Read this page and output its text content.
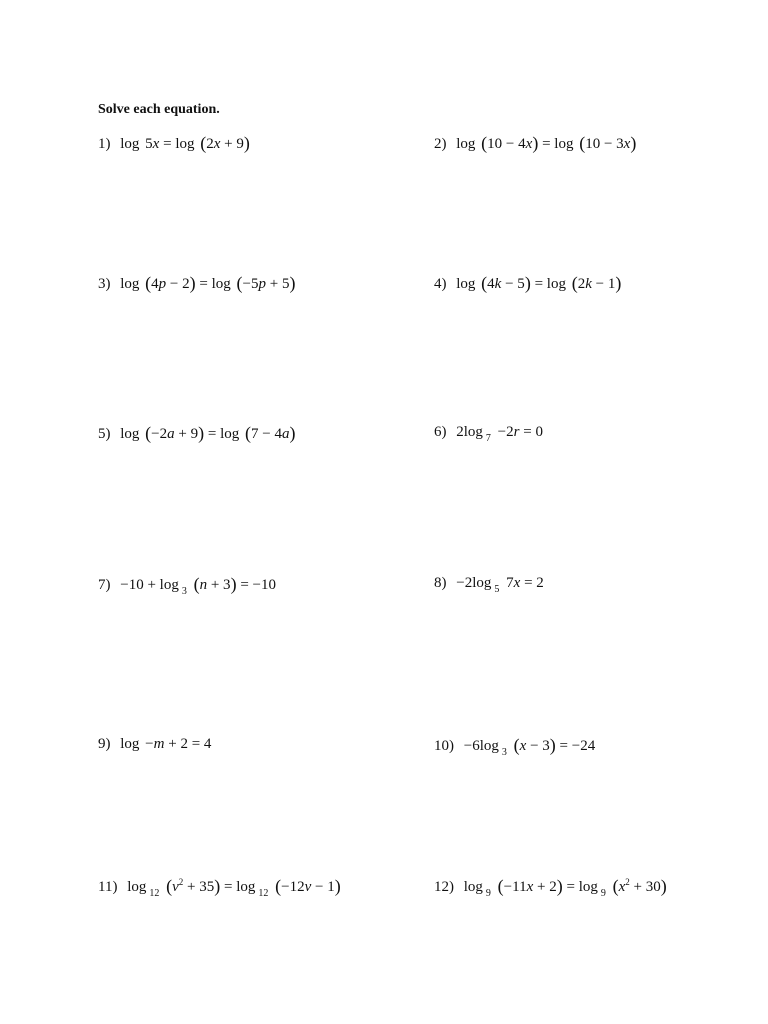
Solve each equation.

1) log 5x = log (2x + 9)	2) log (10 − 4x) = log (10 − 3x)
3) log (4p − 2) = log (−5p + 5)	4) log (4k − 5) = log (2k − 1)
5) log (−2a + 9) = log (7 − 4a)	6) 2log $_7$ −2r = 0
7) −10 + log $_3$ (n + 3) = −10	8) −2log $_5$ 7x = 2
9) log −m + 2 = 4	10) −6log $_3$ (x − 3) = −24
11) log $_{12}$ $(v^2 + 35) = \log _{12}$ (−12v − 1)	12) log $_9$ (−11x + 2) = log $_9$ $(x^2 + 30)$
